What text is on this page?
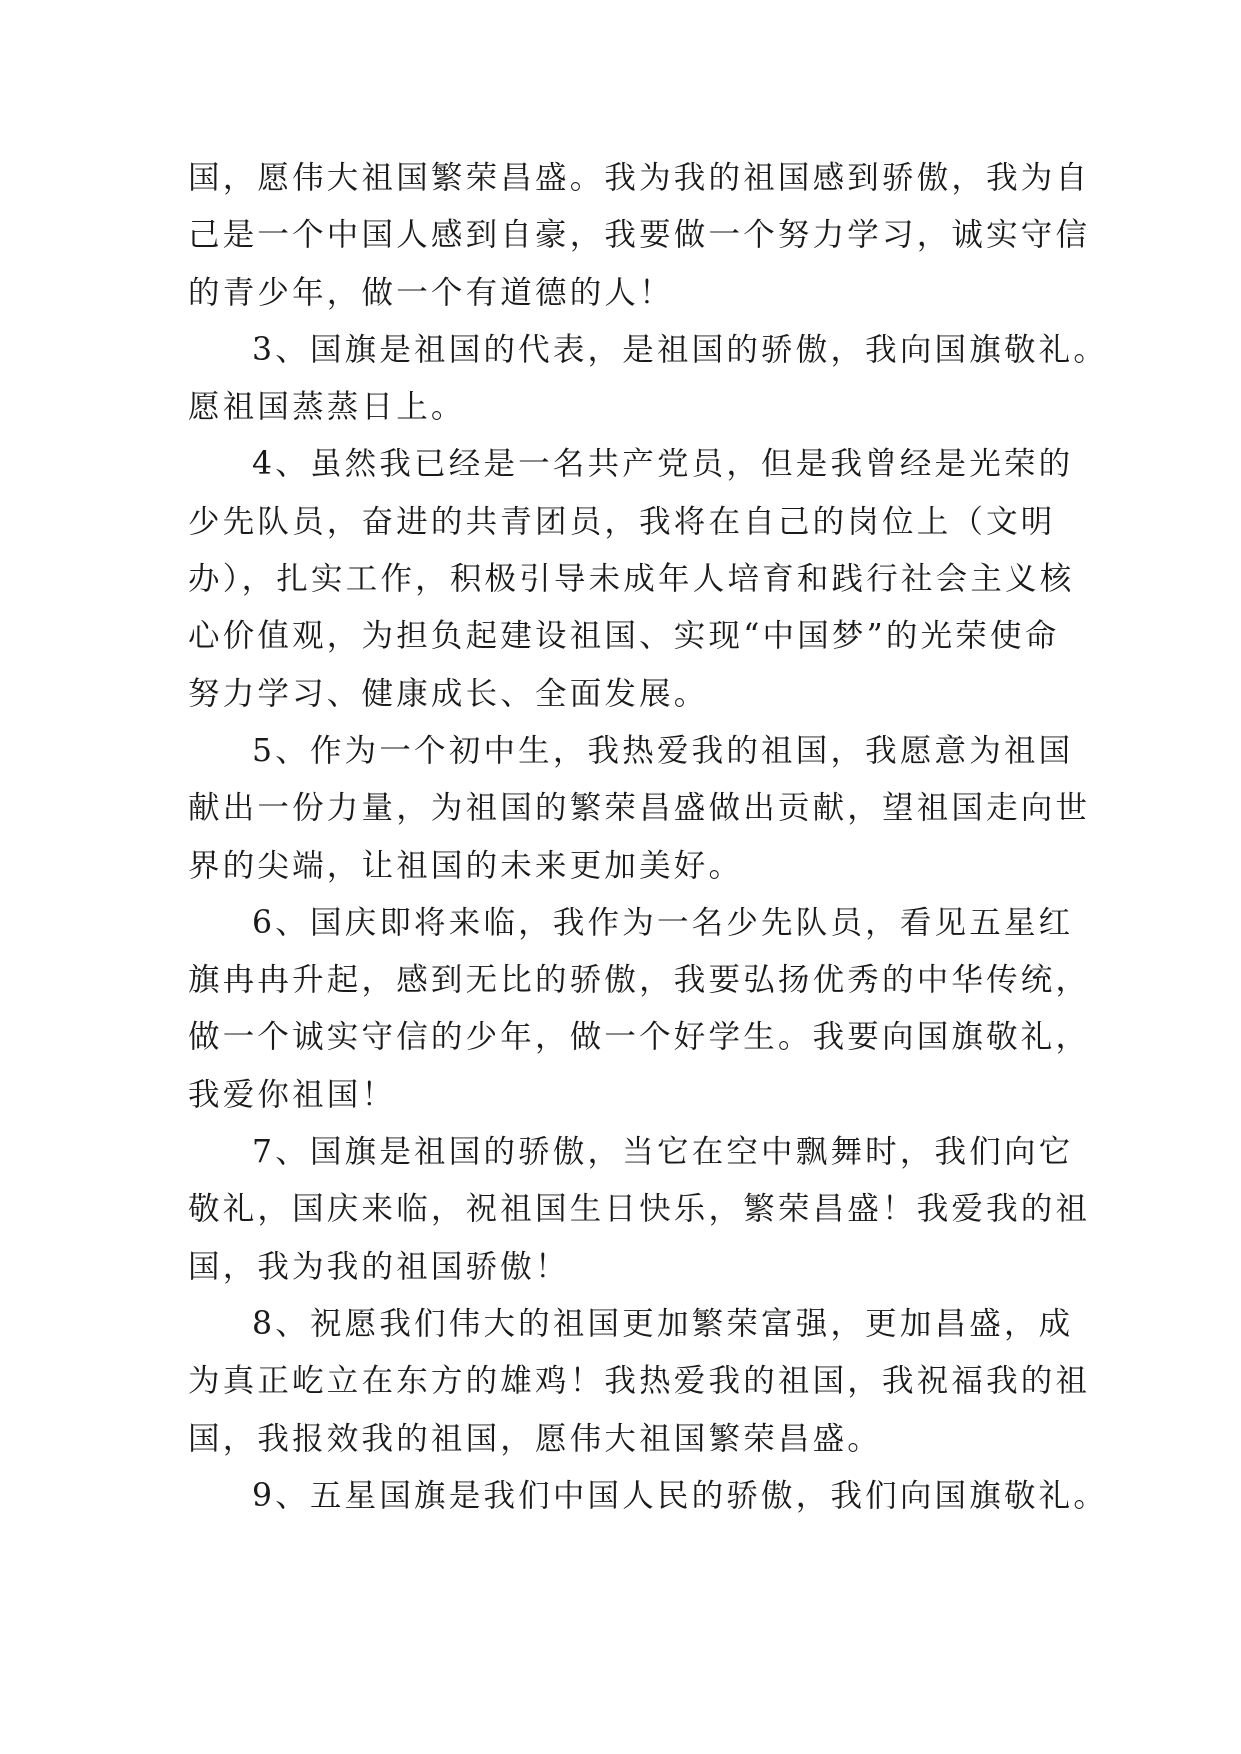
国，愿伟大祖国繁荣昌盛。我为我的祖国感到骄傲，我为自
己是一个中国人感到自豪，我要做一个努力学习，诚实守信
的青少年，做一个有道德的人！
3、国旗是祖国的代表，是祖国的骄傲，我向国旗敬礼。
愿祖国蒸蒸日上。
4、虽然我已经是一名共产党员，但是我曾经是光荣的
少先队员，奋进的共青团员，我将在自己的岗位上（文明
办），扎实工作，积极引导未成年人培育和践行社会主义核
心价值观，为担负起建设祖国、实现“中国梦”的光荣使命
努力学习、健康成长、全面发展。
5、作为一个初中生，我热爱我的祖国，我愿意为祖国
献出一份力量，为祖国的繁荣昌盛做出贡献，望祖国走向世
界的尖端，让祖国的未来更加美好。
6、国庆即将来临，我作为一名少先队员，看见五星红
旗冉冉升起，感到无比的骄傲，我要弘扬优秀的中华传统，
做一个诚实守信的少年，做一个好学生。我要向国旗敬礼，
我爱你祖国！
7、国旗是祖国的骄傲，当它在空中飘舞时，我们向它
敬礼，国庆来临，祝祖国生日快乐，繁荣昌盛！我爱我的祖
国，我为我的祖国骄傲！
8、祝愿我们伟大的祖国更加繁荣富强，更加昌盛，成
为真正屹立在东方的雄鸡！我热爱我的祖国，我祝福我的祖
国，我报效我的祖国，愿伟大祖国繁荣昌盛。
9、五星国旗是我们中国人民的骄傲，我们向国旗敬礼。
